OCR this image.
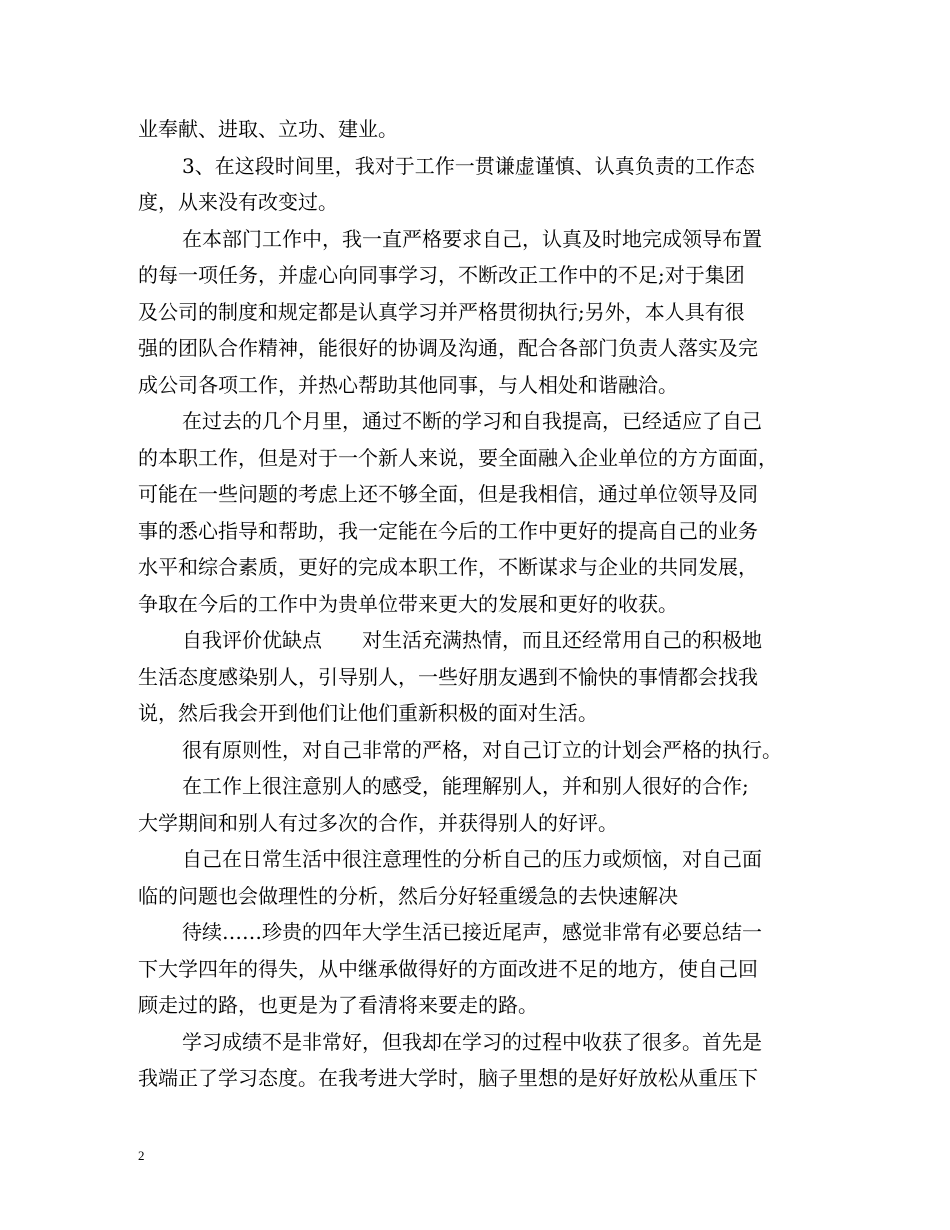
业奉献、进取、立功、建业。
3、在这段时间里，我对于工作一贯谦虚谨慎、认真负责的工作态
度，从来没有改变过。
在本部门工作中，我一直严格要求自己，认真及时地完成领导布置
的每一项任务，并虚心向同事学习，不断改正工作中的不足;对于集团
及公司的制度和规定都是认真学习并严格贯彻执行;另外，本人具有很
强的团队合作精神，能很好的协调及沟通，配合各部门负责人落实及完
成公司各项工作，并热心帮助其他同事，与人相处和谐融洽。
在过去的几个月里，通过不断的学习和自我提高，已经适应了自己
的本职工作，但是对于一个新人来说，要全面融入企业单位的方方面面，
可能在一些问题的考虑上还不够全面，但是我相信，通过单位领导及同
事的悉心指导和帮助，我一定能在今后的工作中更好的提高自己的业务
水平和综合素质，更好的完成本职工作，不断谋求与企业的共同发展，
争取在今后的工作中为贵单位带来更大的发展和更好的收获。
自我评价优缺点　　对生活充满热情，而且还经常用自己的积极地
生活态度感染别人，引导别人，一些好朋友遇到不愉快的事情都会找我
说，然后我会开到他们让他们重新积极的面对生活。
很有原则性，对自己非常的严格，对自己订立的计划会严格的执行。
在工作上很注意别人的感受，能理解别人，并和别人很好的合作;
大学期间和别人有过多次的合作，并获得别人的好评。
自己在日常生活中很注意理性的分析自己的压力或烦恼，对自己面
临的问题也会做理性的分析，然后分好轻重缓急的去快速解决
待续……珍贵的四年大学生活已接近尾声，感觉非常有必要总结一
下大学四年的得失，从中继承做得好的方面改进不足的地方，使自己回
顾走过的路，也更是为了看清将来要走的路。
学习成绩不是非常好，但我却在学习的过程中收获了很多。首先是
我端正了学习态度。在我考进大学时，脑子里想的是好好放松从重压下
2
